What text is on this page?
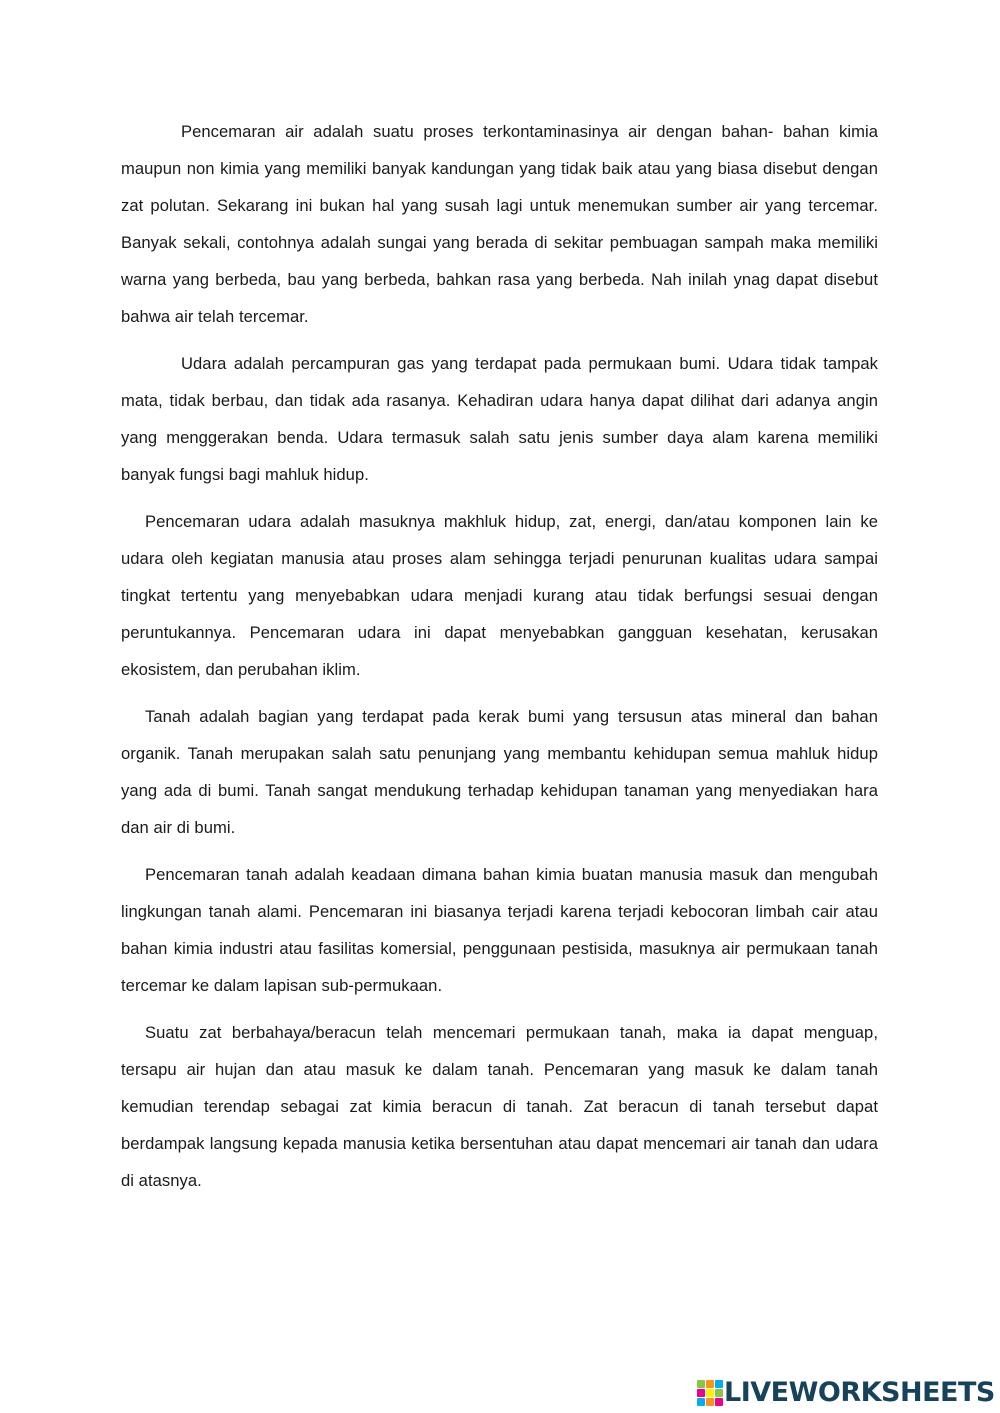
Pencemaran air adalah suatu proses terkontaminasinya air dengan bahan- bahan kimia maupun non kimia yang memiliki banyak kandungan yang tidak baik atau yang biasa disebut dengan zat polutan. Sekarang ini bukan hal yang susah lagi untuk menemukan sumber air yang tercemar. Banyak sekali, contohnya adalah sungai yang berada di sekitar pembuagan sampah maka memiliki warna yang berbeda, bau yang berbeda, bahkan rasa yang berbeda. Nah inilah ynag dapat disebut bahwa air telah tercemar.

Udara adalah percampuran gas yang terdapat pada permukaan bumi. Udara tidak tampak mata, tidak berbau, dan tidak ada rasanya. Kehadiran udara hanya dapat dilihat dari adanya angin yang menggerakan benda. Udara termasuk salah satu jenis sumber daya alam karena memiliki banyak fungsi bagi mahluk hidup.

Pencemaran udara adalah masuknya makhluk hidup, zat, energi, dan/atau komponen lain ke udara oleh kegiatan manusia atau proses alam sehingga terjadi penurunan kualitas udara sampai tingkat tertentu yang menyebabkan udara menjadi kurang atau tidak berfungsi sesuai dengan peruntukannya. Pencemaran udara ini dapat menyebabkan gangguan kesehatan, kerusakan ekosistem, dan perubahan iklim.

Tanah adalah bagian yang terdapat pada kerak bumi yang tersusun atas mineral dan bahan organik. Tanah merupakan salah satu penunjang yang membantu kehidupan semua mahluk hidup yang ada di bumi. Tanah sangat mendukung terhadap kehidupan tanaman yang menyediakan hara dan air di bumi.

Pencemaran tanah adalah keadaan dimana bahan kimia buatan manusia masuk dan mengubah lingkungan tanah alami. Pencemaran ini biasanya terjadi karena terjadi kebocoran limbah cair atau bahan kimia industri atau fasilitas komersial, penggunaan pestisida, masuknya air permukaan tanah tercemar ke dalam lapisan sub-permukaan.

Suatu zat berbahaya/beracun telah mencemari permukaan tanah, maka ia dapat menguap, tersapu air hujan dan atau masuk ke dalam tanah. Pencemaran yang masuk ke dalam tanah kemudian terendap sebagai zat kimia beracun di tanah. Zat beracun di tanah tersebut dapat berdampak langsung kepada manusia ketika bersentuhan atau dapat mencemari air tanah dan udara di atasnya.

LIVEWORKSHEETS
